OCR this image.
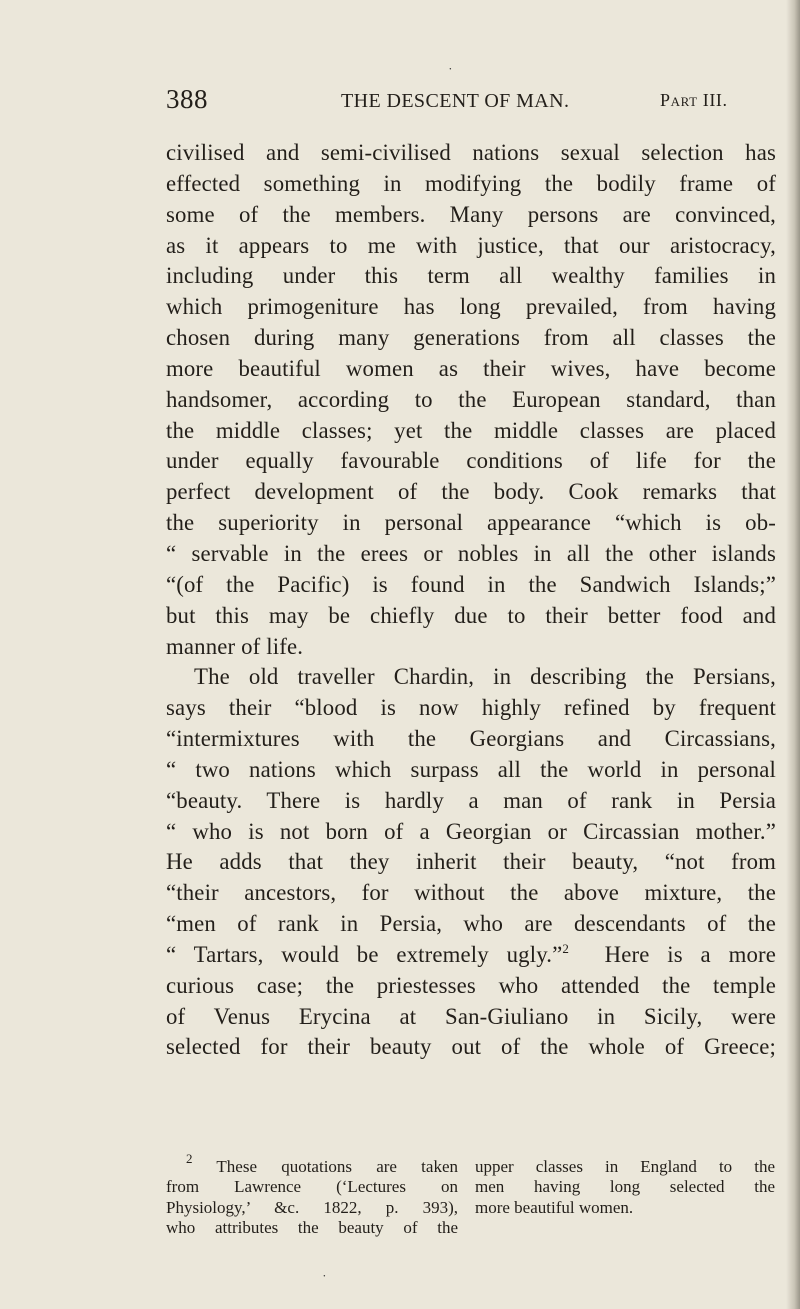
˙
˙
388	THE DESCENT OF MAN.	Part III.
civilised and semi-civilised nations sexual selection has
effected something in modifying the bodily frame of
some of the members. Many persons are convinced,
as it appears to me with justice, that our aristocracy,
including under this term all wealthy families in
which primogeniture has long prevailed, from having
chosen during many generations from all classes the
more beautiful women as their wives, have become
handsomer, according to the European standard, than
the middle classes; yet the middle classes are placed
under equally favourable conditions of life for the
perfect development of the body. Cook remarks that
the superiority in personal appearance “which is ob-
“ servable in the erees or nobles in all the other islands
“(of the Pacific) is found in the Sandwich Islands;”
but this may be chiefly due to their better food and
manner of life.
The old traveller Chardin, in describing the Persians,
says their “blood is now highly refined by frequent
“intermixtures with the Georgians and Circassians,
“ two nations which surpass all the world in personal
“beauty. There is hardly a man of rank in Persia
“ who is not born of a Georgian or Circassian mother.”
He adds that they inherit their beauty, “not from
“their ancestors, for without the above mixture, the
“men of rank in Persia, who are descendants of the
“ Tartars, would be extremely ugly.”$^2$ Here is a more
curious case; the priestesses who attended the temple
of Venus Erycina at San-Giuliano in Sicily, were
selected for their beauty out of the whole of Greece;
$^2$ These quotations are taken
from Lawrence (‘Lectures on
Physiology,’ &c. 1822, p. 393),
who attributes the beauty of the
upper classes in England to the
men having long selected the
more beautiful women.
